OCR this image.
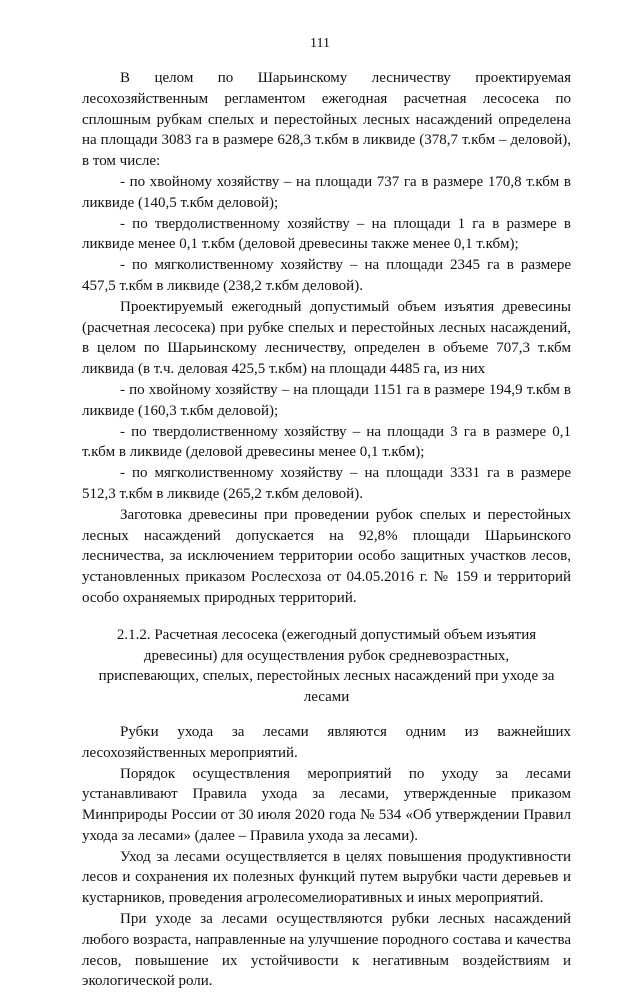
111

В целом по Шарьинскому лесничеству проектируемая лесохозяйственным регламентом ежегодная расчетная лесосека по сплошным рубкам спелых и перестойных лесных насаждений определена на площади 3083 га в размере 628,3 т.кбм в ликвиде (378,7 т.кбм – деловой), в том числе:

- по хвойному хозяйству – на площади 737 га в размере 170,8 т.кбм в ликвиде (140,5 т.кбм деловой);

- по твердолиственному хозяйству – на площади 1 га в размере в ликвиде менее 0,1 т.кбм (деловой древесины также менее 0,1 т.кбм);

- по мягколиственному хозяйству – на площади 2345 га в размере 457,5 т.кбм в ликвиде (238,2 т.кбм деловой).

Проектируемый ежегодный допустимый объем изъятия древесины (расчетная лесосека) при рубке спелых и перестойных лесных насаждений, в целом по Шарьинскому лесничеству, определен в объеме 707,3 т.кбм ликвида (в т.ч. деловая 425,5 т.кбм) на площади 4485 га, из них

- по хвойному хозяйству – на площади 1151 га в размере 194,9 т.кбм в ликвиде (160,3 т.кбм деловой);

- по твердолиственному хозяйству – на площади 3 га в размере 0,1 т.кбм в ликвиде (деловой древесины менее 0,1 т.кбм);

- по мягколиственному хозяйству – на площади 3331 га в размере 512,3 т.кбм в ликвиде (265,2 т.кбм деловой).

Заготовка древесины при проведении рубок спелых и перестойных лесных насаждений допускается на 92,8% площади Шарьинского лесничества, за исключением территории особо защитных участков лесов, установленных приказом Рослесхоза от 04.05.2016 г. № 159 и территорий особо охраняемых природных территорий.

2.1.2. Расчетная лесосека (ежегодный допустимый объем изъятия древесины) для осуществления рубок средневозрастных, приспевающих, спелых, перестойных лесных насаждений при уходе за лесами

Рубки ухода за лесами являются одним из важнейших лесохозяйственных мероприятий.

Порядок осуществления мероприятий по уходу за лесами устанавливают Правила ухода за лесами, утвержденные приказом Минприроды России от 30 июля 2020 года № 534 «Об утверждении Правил ухода за лесами» (далее – Правила ухода за лесами).

Уход за лесами осуществляется в целях повышения продуктивности лесов и сохранения их полезных функций путем вырубки части деревьев и кустарников, проведения агролесомелиоративных и иных мероприятий.

При уходе за лесами осуществляются рубки лесных насаждений любого возраста, направленные на улучшение породного состава и качества лесов, повышение их устойчивости к негативным воздействиям и экологической роли.
